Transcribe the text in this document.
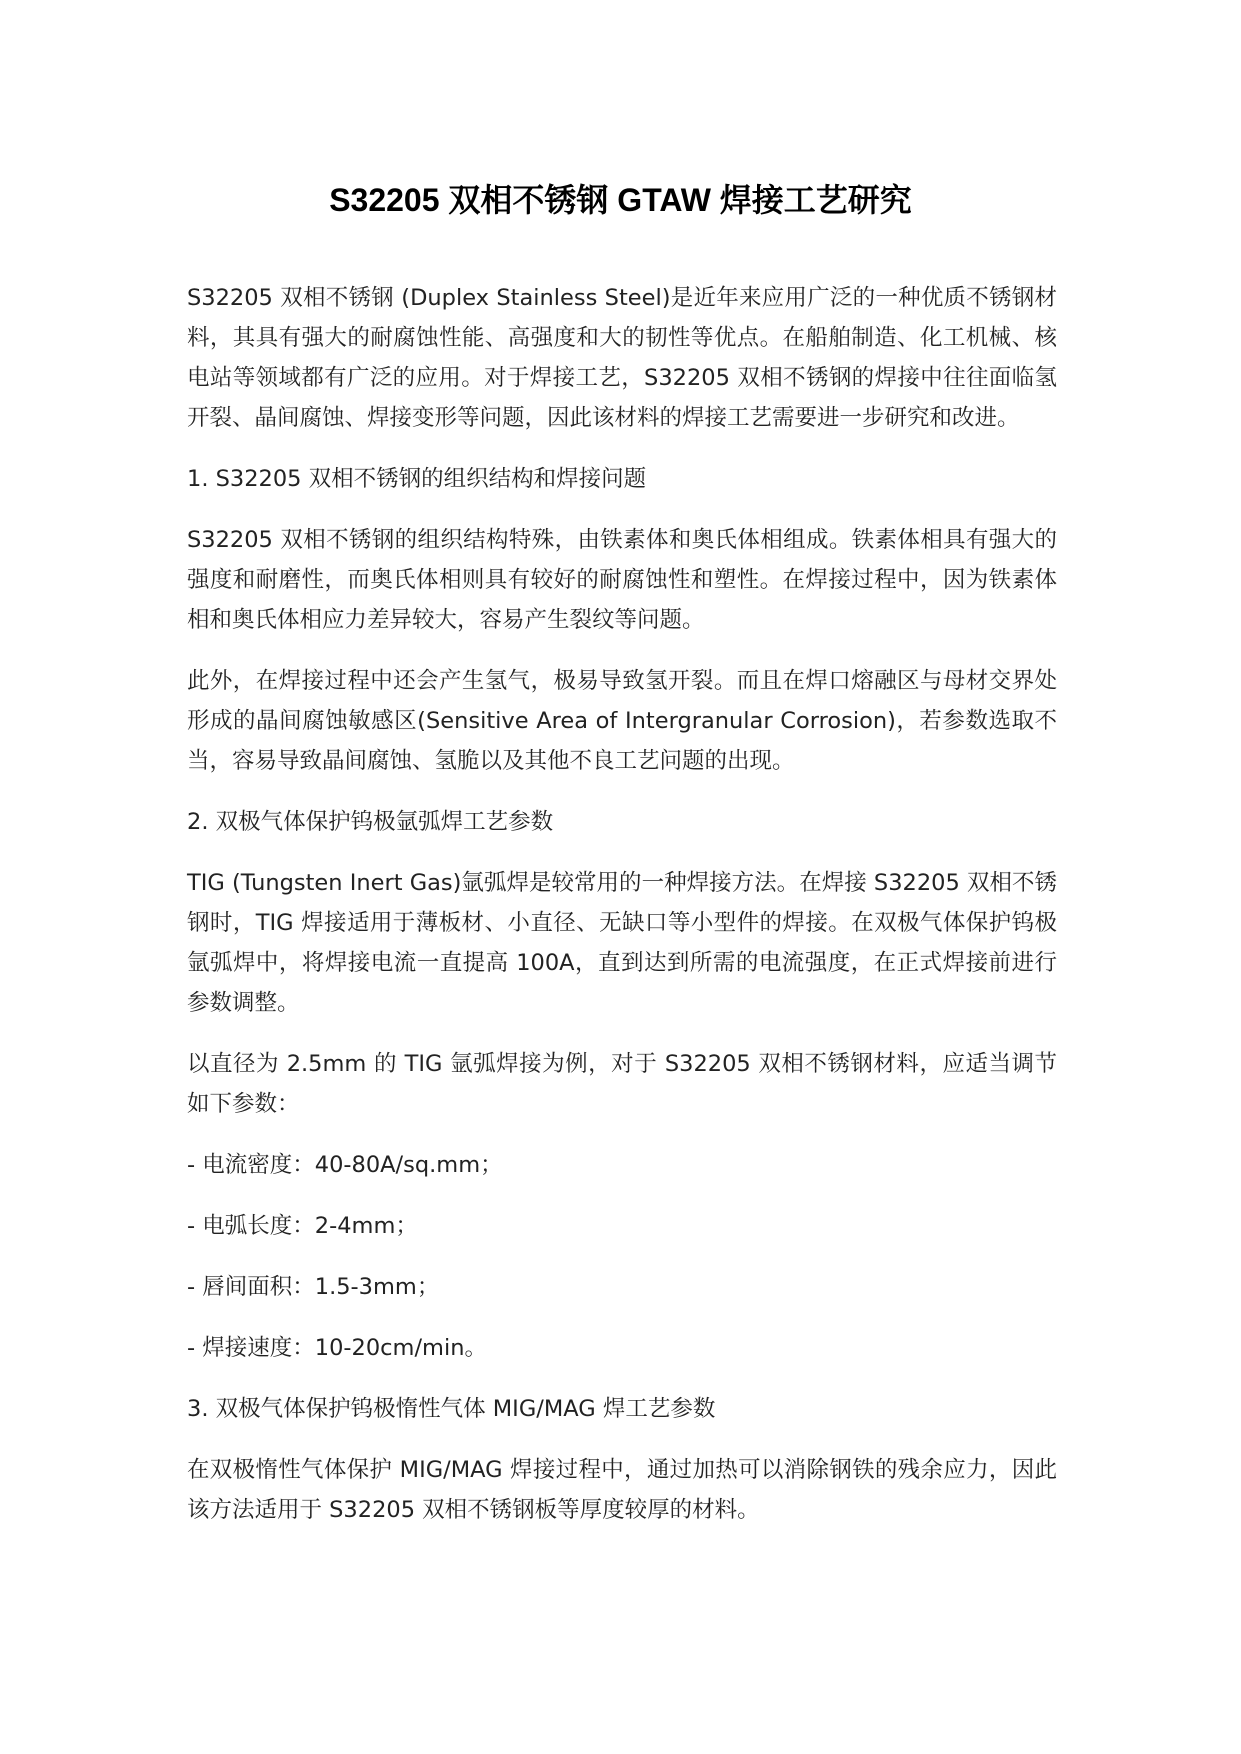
S32205 双相不锈钢 GTAW 焊接工艺研究

S32205 双相不锈钢 (Duplex Stainless Steel)是近年来应用广泛的一种优质不锈钢材料，其具有强大的耐腐蚀性能、高强度和大的韧性等优点。在船舶制造、化工机械、核电站等领域都有广泛的应用。对于焊接工艺，S32205 双相不锈钢的焊接中往往面临氢开裂、晶间腐蚀、焊接变形等问题，因此该材料的焊接工艺需要进一步研究和改进。

1. S32205 双相不锈钢的组织结构和焊接问题

S32205 双相不锈钢的组织结构特殊，由铁素体和奥氏体相组成。铁素体相具有强大的强度和耐磨性，而奥氏体相则具有较好的耐腐蚀性和塑性。在焊接过程中，因为铁素体相和奥氏体相应力差异较大，容易产生裂纹等问题。

此外，在焊接过程中还会产生氢气，极易导致氢开裂。而且在焊口熔融区与母材交界处形成的晶间腐蚀敏感区(Sensitive Area of Intergranular Corrosion)，若参数选取不当，容易导致晶间腐蚀、氢脆以及其他不良工艺问题的出现。

2. 双极气体保护钨极氩弧焊工艺参数

TIG (Tungsten Inert Gas)氩弧焊是较常用的一种焊接方法。在焊接 S32205 双相不锈钢时，TIG 焊接适用于薄板材、小直径、无缺口等小型件的焊接。在双极气体保护钨极氩弧焊中，将焊接电流一直提高 100A，直到达到所需的电流强度，在正式焊接前进行参数调整。

以直径为 2.5mm 的 TIG 氩弧焊接为例，对于 S32205 双相不锈钢材料，应适当调节如下参数：

- 电流密度：40-80A/sq.mm；

- 电弧长度：2-4mm；

- 唇间面积：1.5-3mm；

- 焊接速度：10-20cm/min。

3. 双极气体保护钨极惰性气体 MIG/MAG 焊工艺参数

在双极惰性气体保护 MIG/MAG 焊接过程中，通过加热可以消除钢铁的残余应力，因此该方法适用于 S32205 双相不锈钢板等厚度较厚的材料。
